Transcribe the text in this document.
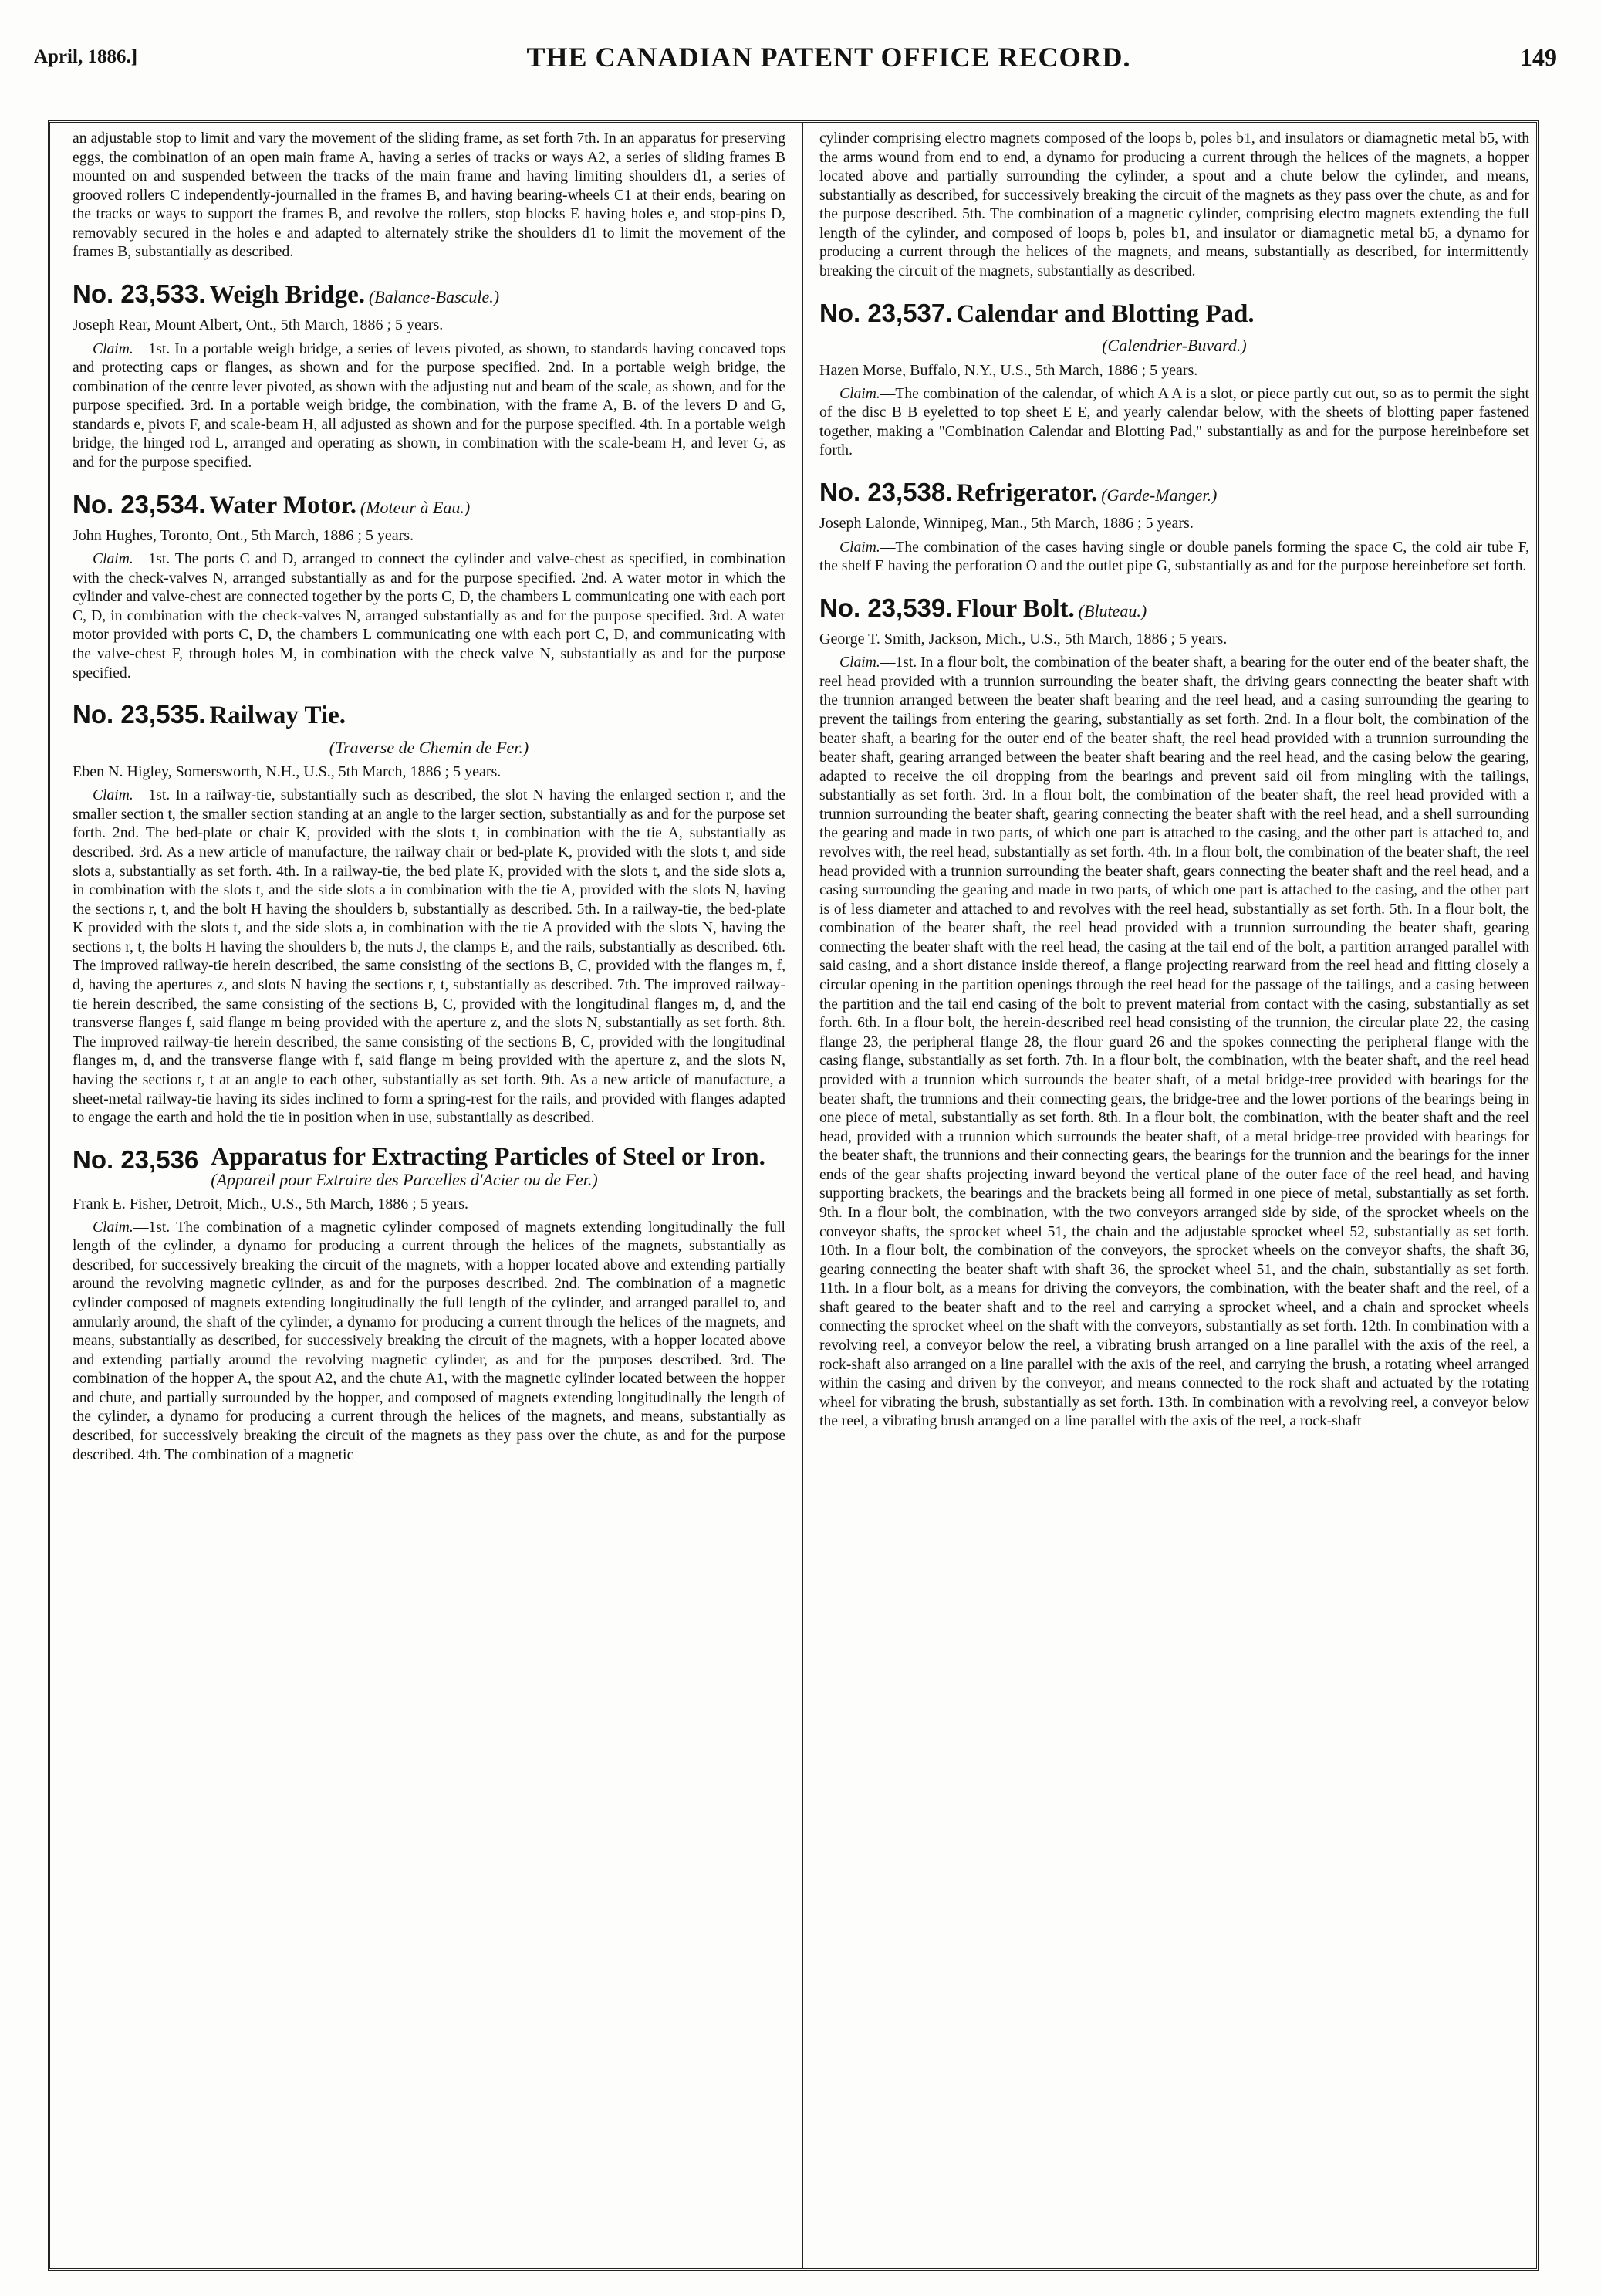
April, 1886.]	THE CANADIAN PATENT OFFICE RECORD.	149

an adjustable stop to limit and vary the movement of the sliding frame, as set forth 7th. In an apparatus for preserving eggs, the combination of an open main frame A, having a series of tracks or ways A2, a series of sliding frames B mounted on and suspended between the tracks of the main frame and having limiting shoulders d1, a series of grooved rollers C independently-journalled in the frames B, and having bearing-wheels C1 at their ends, bearing on the tracks or ways to support the frames B, and revolve the rollers, stop blocks E having holes e, and stop-pins D, removably secured in the holes e and adapted to alternately strike the shoulders d1 to limit the movement of the frames B, substantially as described.

No. 23,533. Weigh Bridge. (Balance-Bascule.)
Joseph Rear, Mount Albert, Ont., 5th March, 1886 ; 5 years.

Claim.—1st. In a portable weigh bridge, a series of levers pivoted, as shown, to standards having concaved tops and protecting caps or flanges, as shown and for the purpose specified. 2nd. In a portable weigh bridge, the combination of the centre lever pivoted, as shown with the adjusting nut and beam of the scale, as shown, and for the purpose specified. 3rd. In a portable weigh bridge, the combination, with the frame A, B. of the levers D and G, standards e, pivots F, and scale-beam H, all adjusted as shown and for the purpose specified. 4th. In a portable weigh bridge, the hinged rod L, arranged and operating as shown, in combination with the scale-beam H, and lever G, as and for the purpose specified.

No. 23,534. Water Motor. (Moteur à Eau.)
John Hughes, Toronto, Ont., 5th March, 1886 ; 5 years.

Claim.—1st. The ports C and D, arranged to connect the cylinder and valve-chest as specified, in combination with the check-valves N, arranged substantially as and for the purpose specified. 2nd. A water motor in which the cylinder and valve-chest are connected together by the ports C, D, the chambers L communicating one with each port C, D, in combination with the check-valves N, arranged substantially as and for the purpose specified. 3rd. A water motor provided with ports C, D, the chambers L communicating one with each port C, D, and communicating with the valve-chest F, through holes M, in combination with the check valve N, substantially as and for the purpose specified.

No. 23,535. Railway Tie.
(Traverse de Chemin de Fer.)
Eben N. Higley, Somersworth, N.H., U.S., 5th March, 1886 ; 5 years.

Claim.—1st. In a railway-tie, substantially such as described, the slot N having the enlarged section r, and the smaller section t, the smaller section standing at an angle to the larger section, substantially as and for the purpose set forth. 2nd. The bed-plate or chair K, provided with the slots t, in combination with the tie A, substantially as described. 3rd. As a new article of manufacture, the railway chair or bed-plate K, provided with the slots t, and side slots a, substantially as set forth. 4th. In a railway-tie, the bed plate K, provided with the slots t, and the side slots a, in combination with the slots t, and the side slots a in combination with the tie A, provided with the slots N, having the sections r, t, and the bolt H having the shoulders b, substantially as described. 5th. In a railway-tie, the bed-plate K provided with the slots t, and the side slots a, in combination with the tie A provided with the slots N, having the sections r, t, the bolts H having the shoulders b, the nuts J, the clamps E, and the rails, substantially as described. 6th. The improved railway-tie herein described, the same consisting of the sections B, C, provided with the flanges m, f, d, having the apertures z, and slots N having the sections r, t, substantially as described. 7th. The improved railway-tie herein described, the same consisting of the sections B, C, provided with the longitudinal flanges m, d, and the transverse flanges f, said flange m being provided with the aperture z, and the slots N, substantially as set forth. 8th. The improved railway-tie herein described, the same consisting of the sections B, C, provided with the longitudinal flanges m, d, and the transverse flange with f, said flange m being provided with the aperture z, and the slots N, having the sections r, t at an angle to each other, substantially as set forth. 9th. As a new article of manufacture, a sheet-metal railway-tie having its sides inclined to form a spring-rest for the rails, and provided with flanges adapted to engage the earth and hold the tie in position when in use, substantially as described.

No. 23,536 Apparatus for Extracting Particles of Steel or Iron.
(Appareil pour Extraire des Parcelles d'Acier ou de Fer.)
Frank E. Fisher, Detroit, Mich., U.S., 5th March, 1886 ; 5 years.

Claim.—1st. The combination of a magnetic cylinder composed of magnets extending longitudinally the full length of the cylinder, a dynamo for producing a current through the helices of the magnets, substantially as described, for successively breaking the circuit of the magnets, with a hopper located above and extending partially around the revolving magnetic cylinder, as and for the purposes described. 2nd. The combination of a magnetic cylinder composed of magnets extending longitudinally the full length of the cylinder, and arranged parallel to, and annularly around, the shaft of the cylinder, a dynamo for producing a current through the helices of the magnets, and means, substantially as described, for successively breaking the circuit of the magnets, with a hopper located above and extending partially around the revolving magnetic cylinder, as and for the purposes described. 3rd. The combination of the hopper A, the spout A2, and the chute A1, with the magnetic cylinder located between the hopper and chute, and partially surrounded by the hopper, and composed of magnets extending longitudinally the length of the cylinder, a dynamo for producing a current through the helices of the magnets, and means, substantially as described, for successively breaking the circuit of the magnets as they pass over the chute, as and for the purpose described. 4th. The combination of a magnetic

cylinder comprising electro magnets composed of the loops b, poles b1, and insulators or diamagnetic metal b5, with the arms wound from end to end, a dynamo for producing a current through the helices of the magnets, a hopper located above and partially surrounding the cylinder, a spout and a chute below the cylinder, and means, substantially as described, for successively breaking the circuit of the magnets as they pass over the chute, as and for the purpose described. 5th. The combination of a magnetic cylinder, comprising electro magnets extending the full length of the cylinder, and composed of loops b, poles b1, and insulator or diamagnetic metal b5, a dynamo for producing a current through the helices of the magnets, and means, substantially as described, for intermittently breaking the circuit of the magnets, substantially as described.

No. 23,537. Calendar and Blotting Pad.
(Calendrier-Buvard.)
Hazen Morse, Buffalo, N.Y., U.S., 5th March, 1886 ; 5 years.

Claim.—The combination of the calendar, of which A A is a slot, or piece partly cut out, so as to permit the sight of the disc B B eyeletted to top sheet E E, and yearly calendar below, with the sheets of blotting paper fastened together, making a "Combination Calendar and Blotting Pad," substantially as and for the purpose hereinbefore set forth.

No. 23,538. Refrigerator. (Garde-Manger.)
Joseph Lalonde, Winnipeg, Man., 5th March, 1886 ; 5 years.

Claim.—The combination of the cases having single or double panels forming the space C, the cold air tube F, the shelf E having the perforation O and the outlet pipe G, substantially as and for the purpose hereinbefore set forth.

No. 23,539. Flour Bolt. (Bluteau.)
George T. Smith, Jackson, Mich., U.S., 5th March, 1886 ; 5 years.

Claim.—1st. In a flour bolt, the combination of the beater shaft, a bearing for the outer end of the beater shaft, the reel head provided with a trunnion surrounding the beater shaft, the driving gears connecting the beater shaft with the trunnion arranged between the beater shaft bearing and the reel head, and a casing surrounding the gearing to prevent the tailings from entering the gearing, substantially as set forth. 2nd. In a flour bolt, the combination of the beater shaft, a bearing for the outer end of the beater shaft, the reel head provided with a trunnion surrounding the beater shaft, gearing arranged between the beater shaft bearing and the reel head, and the casing below the gearing, adapted to receive the oil dropping from the bearings and prevent said oil from mingling with the tailings, substantially as set forth. 3rd. In a flour bolt, the combination of the beater shaft, the reel head provided with a trunnion surrounding the beater shaft, gearing connecting the beater shaft with the reel head, and a shell surrounding the gearing and made in two parts, of which one part is attached to the casing, and the other part is attached to, and revolves with, the reel head, substantially as set forth. 4th. In a flour bolt, the combination of the beater shaft, the reel head provided with a trunnion surrounding the beater shaft, gears connecting the beater shaft and the reel head, and a casing surrounding the gearing and made in two parts, of which one part is attached to the casing, and the other part is of less diameter and attached to and revolves with the reel head, substantially as set forth. 5th. In a flour bolt, the combination of the beater shaft, the reel head provided with a trunnion surrounding the beater shaft, gearing connecting the beater shaft with the reel head, the casing at the tail end of the bolt, a partition arranged parallel with said casing, and a short distance inside thereof, a flange projecting rearward from the reel head and fitting closely a circular opening in the partition openings through the reel head for the passage of the tailings, and a casing between the partition and the tail end casing of the bolt to prevent material from contact with the casing, substantially as set forth. 6th. In a flour bolt, the herein-described reel head consisting of the trunnion, the circular plate 22, the casing flange 23, the peripheral flange 28, the flour guard 26 and the spokes connecting the peripheral flange with the casing flange, substantially as set forth. 7th. In a flour bolt, the combination, with the beater shaft, and the reel head provided with a trunnion which surrounds the beater shaft, of a metal bridge-tree provided with bearings for the beater shaft, the trunnions and their connecting gears, the bridge-tree and the lower portions of the bearings being in one piece of metal, substantially as set forth. 8th. In a flour bolt, the combination, with the beater shaft and the reel head, provided with a trunnion which surrounds the beater shaft, of a metal bridge-tree provided with bearings for the beater shaft, the trunnions and their connecting gears, the bearings for the trunnion and the bearings for the inner ends of the gear shafts projecting inward beyond the vertical plane of the outer face of the reel head, and having supporting brackets, the bearings and the brackets being all formed in one piece of metal, substantially as set forth. 9th. In a flour bolt, the combination, with the two conveyors arranged side by side, of the sprocket wheels on the conveyor shafts, the sprocket wheel 51, the chain and the adjustable sprocket wheel 52, substantially as set forth. 10th. In a flour bolt, the combination of the conveyors, the sprocket wheels on the conveyor shafts, the shaft 36, gearing connecting the beater shaft with shaft 36, the sprocket wheel 51, and the chain, substantially as set forth. 11th. In a flour bolt, as a means for driving the conveyors, the combination, with the beater shaft and the reel, of a shaft geared to the beater shaft and to the reel and carrying a sprocket wheel, and a chain and sprocket wheels connecting the sprocket wheel on the shaft with the conveyors, substantially as set forth. 12th. In combination with a revolving reel, a conveyor below the reel, a vibrating brush arranged on a line parallel with the axis of the reel, a rock-shaft also arranged on a line parallel with the axis of the reel, and carrying the brush, a rotating wheel arranged within the casing and driven by the conveyor, and means connected to the rock shaft and actuated by the rotating wheel for vibrating the brush, substantially as set forth. 13th. In combination with a revolving reel, a conveyor below the reel, a vibrating brush arranged on a line parallel with the axis of the reel, a rock-shaft
